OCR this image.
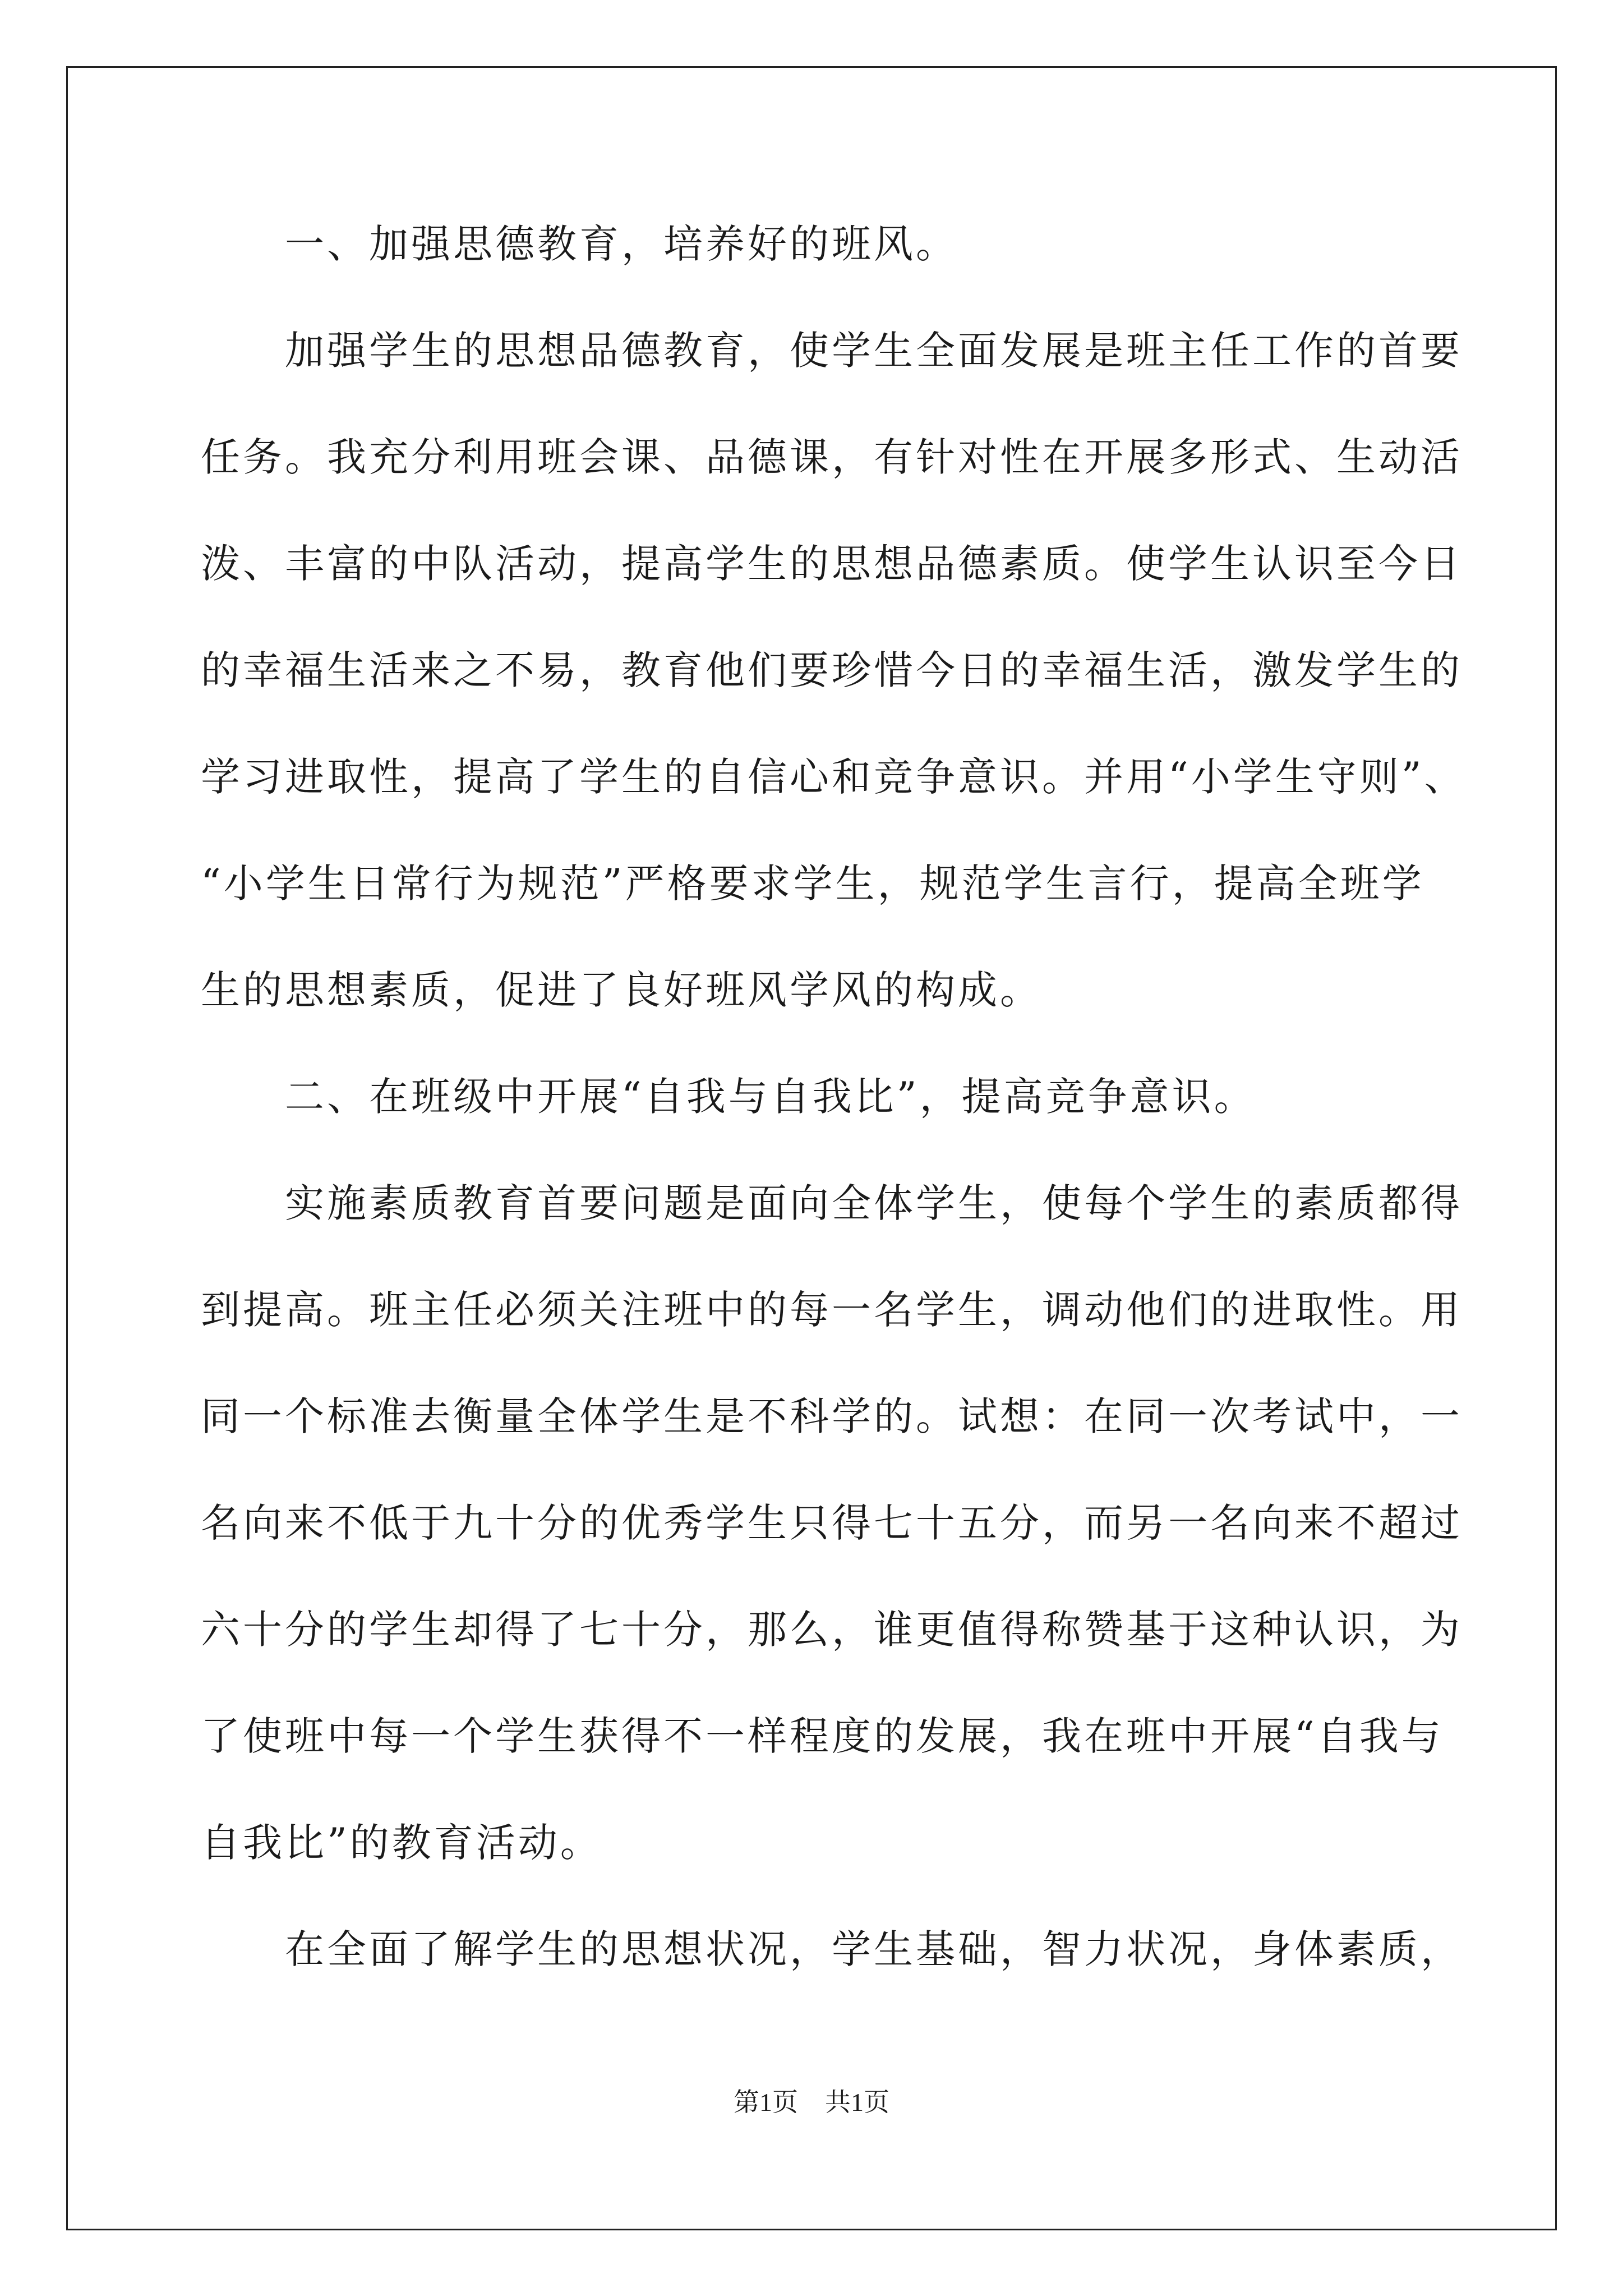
一、加强思德教育，培养好的班风。
加强学生的思想品德教育，使学生全面发展是班主任工作的首要
任务。我充分利用班会课、品德课，有针对性在开展多形式、生动活
泼、丰富的中队活动，提高学生的思想品德素质。使学生认识至今日
的幸福生活来之不易，教育他们要珍惜今日的幸福生活，激发学生的
学习进取性，提高了学生的自信心和竞争意识。并用“小学生守则”、
“小学生日常行为规范”严格要求学生，规范学生言行，提高全班学
生的思想素质，促进了良好班风学风的构成。
二、在班级中开展“自我与自我比”，提高竞争意识。
实施素质教育首要问题是面向全体学生，使每个学生的素质都得
到提高。班主任必须关注班中的每一名学生，调动他们的进取性。用
同一个标准去衡量全体学生是不科学的。试想：在同一次考试中，一
名向来不低于九十分的优秀学生只得七十五分，而另一名向来不超过
六十分的学生却得了七十分，那么，谁更值得称赞基于这种认识，为
了使班中每一个学生获得不一样程度的发展，我在班中开展“自我与
自我比”的教育活动。
在全面了解学生的思想状况，学生基础，智力状况，身体素质，
第1页 共1页
